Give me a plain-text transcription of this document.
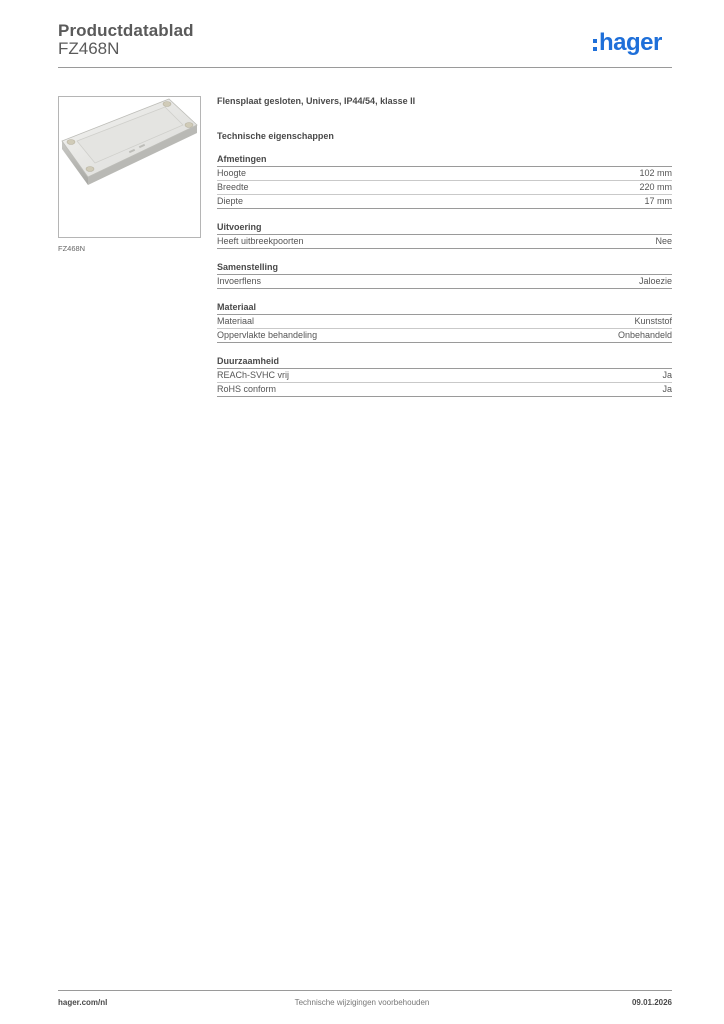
Productdatablad
FZ468N	hager
FZ468N
Flensplaat gesloten, Univers, IP44/54, klasse II
Technische eigenschappen
Afmetingen
Hoogte	102 mm
Breedte	220 mm
Diepte	17 mm
Uitvoering
Heeft uitbreekpoorten	Nee
Samenstelling
Invoerflens	Jaloezie
Materiaal
Materiaal	Kunststof
Oppervlakte behandeling	Onbehandeld
Duurzaamheid
REACh-SVHC vrij	Ja
RoHS conform	Ja
hager.com/nl	Technische wijzigingen voorbehouden	09.01.2026
